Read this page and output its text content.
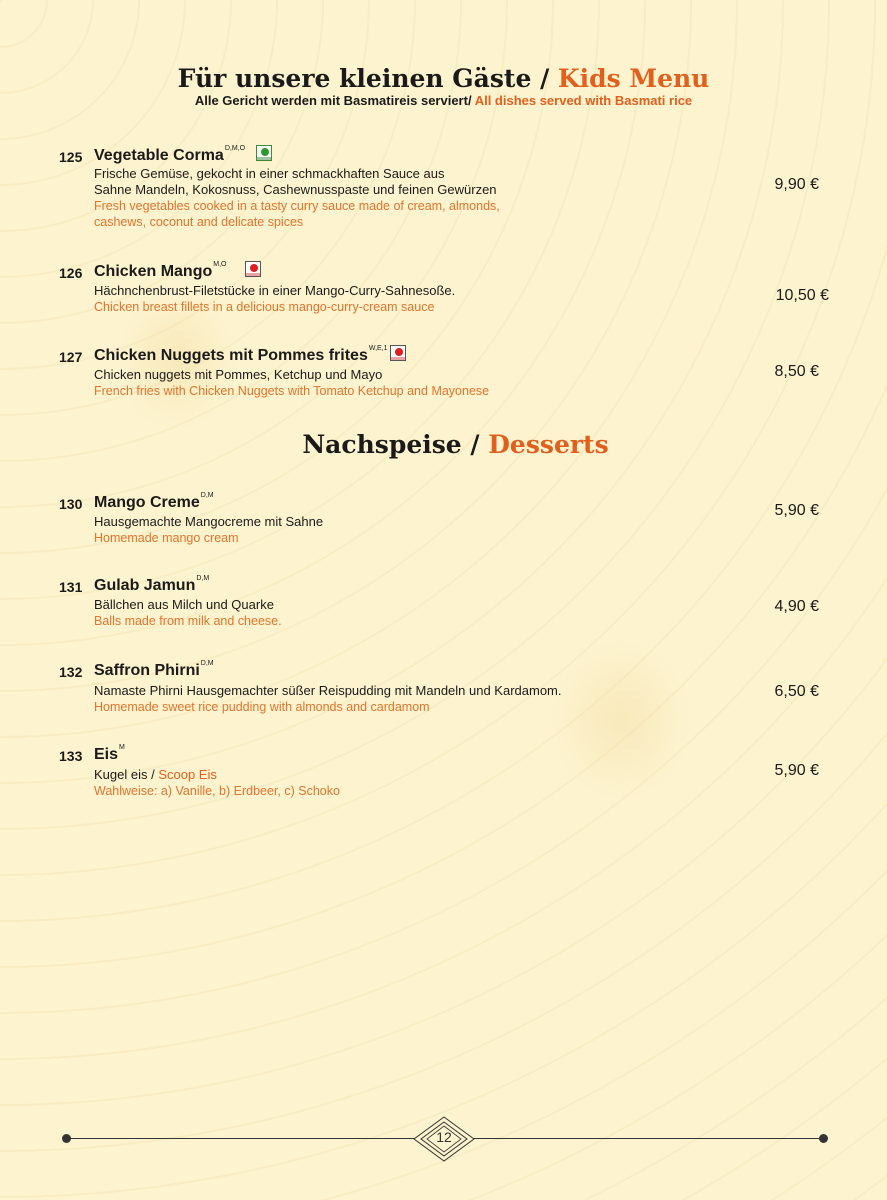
Für unsere kleinen Gäste / Kids Menu
Alle Gericht werden mit Basmatireis serviert/ All dishes served with Basmati rice
125 Vegetable Corma$^{D,M,O}$
Frische Gemüse, gekocht in einer schmackhaften Sauce aus
Sahne Mandeln, Kokosnuss, Cashewnusspaste und feinen Gewürzen
Fresh vegetables cooked in a tasty curry sauce made of cream, almonds,
cashews, coconut and delicate spices
9,90 €
126 Chicken Mango$^{M,O}$
Hächnchenbrust-Filetstücke in einer Mango-Curry-Sahnesoße.
Chicken breast fillets in a delicious mango-curry-cream sauce
10,50 €
127 Chicken Nuggets mit Pommes frites$^{W,E,1}$
Chicken nuggets mit Pommes, Ketchup und Mayo
French fries with Chicken Nuggets with Tomato Ketchup and Mayonese
8,50 €
Nachspeise / Desserts
130 Mango Creme$^{D,M}$
Hausgemachte Mangocreme mit Sahne
Homemade mango cream
5,90 €
131 Gulab Jamun$^{D,M}$
Bällchen aus Milch und Quarke
Balls made from milk and cheese.
4,90 €
132 Saffron Phirni$^{D,M}$
Namaste Phirni Hausgemachter süßer Reispudding mit Mandeln und Kardamom.
Homemade sweet rice pudding with almonds and cardamom
6,50 €
133 Eis$^M$
Kugel eis / Scoop Eis
Wahlweise: a) Vanille, b) Erdbeer, c) Schoko
5,90 €
12
